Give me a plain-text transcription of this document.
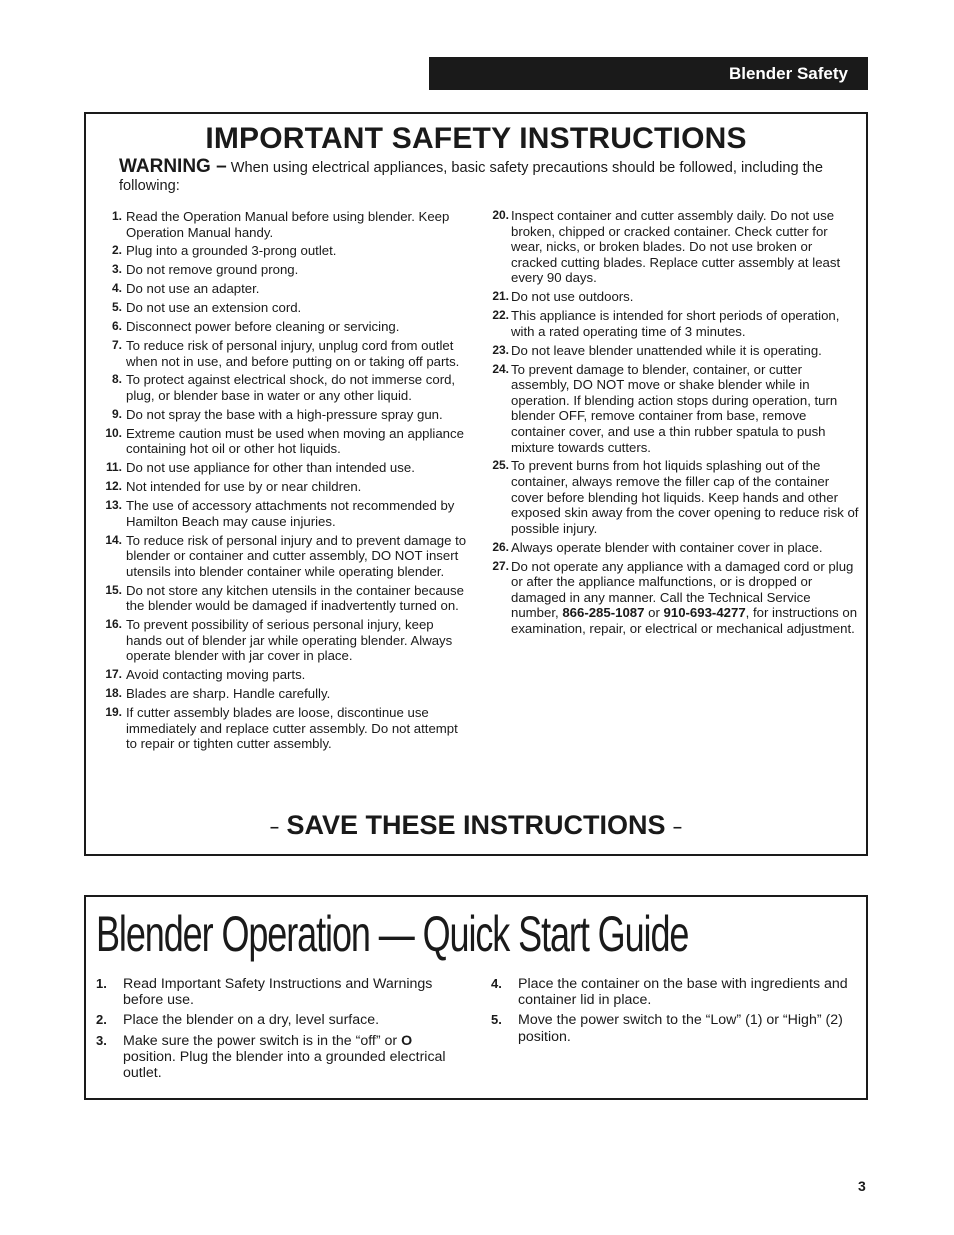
Blender Safety
IMPORTANT SAFETY INSTRUCTIONS
WARNING – When using electrical appliances, basic safety precautions should be followed, including the following:
1. Read the Operation Manual before using blender. Keep Operation Manual handy.
2. Plug into a grounded 3-prong outlet.
3. Do not remove ground prong.
4. Do not use an adapter.
5. Do not use an extension cord.
6. Disconnect power before cleaning or servicing.
7. To reduce risk of personal injury, unplug cord from outlet when not in use, and before putting on or taking off parts.
8. To protect against electrical shock, do not immerse cord, plug, or blender base in water or any other liquid.
9. Do not spray the base with a high-pressure spray gun.
10. Extreme caution must be used when moving an appliance containing hot oil or other hot liquids.
11. Do not use appliance for other than intended use.
12. Not intended for use by or near children.
13. The use of accessory attachments not recommended by Hamilton Beach may cause injuries.
14. To reduce risk of personal injury and to prevent damage to blender or container and cutter assembly, DO NOT insert utensils into blender container while operating blender.
15. Do not store any kitchen utensils in the container because the blender would be damaged if inadvertently turned on.
16. To prevent possibility of serious personal injury, keep hands out of blender jar while operating blender. Always operate blender with jar cover in place.
17. Avoid contacting moving parts.
18. Blades are sharp. Handle carefully.
19. If cutter assembly blades are loose, discontinue use immediately and replace cutter assembly. Do not attempt to repair or tighten cutter assembly.
20. Inspect container and cutter assembly daily. Do not use broken, chipped or cracked container. Check cutter for wear, nicks, or broken blades. Do not use broken or cracked cutting blades. Replace cutter assembly at least every 90 days.
21. Do not use outdoors.
22. This appliance is intended for short periods of operation, with a rated operating time of 3 minutes.
23. Do not leave blender unattended while it is operating.
24. To prevent damage to blender, container, or cutter assembly, DO NOT move or shake blender while in operation. If blending action stops during operation, turn blender OFF, remove container from base, remove container cover, and use a thin rubber spatula to push mixture towards cutters.
25. To prevent burns from hot liquids splashing out of the container, always remove the filler cap of the container cover before blending hot liquids. Keep hands and other exposed skin away from the cover opening to reduce risk of possible injury.
26. Always operate blender with container cover in place.
27. Do not operate any appliance with a damaged cord or plug or after the appliance malfunctions, or is dropped or damaged in any manner. Call the Technical Service number, 866-285-1087 or 910-693-4277, for instructions on examination, repair, or electrical or mechanical adjustment.
– SAVE THESE INSTRUCTIONS –
Blender Operation — Quick Start Guide
1.	Read Important Safety Instructions and Warnings before use.
2.	Place the blender on a dry, level surface.
3.	Make sure the power switch is in the “off” or O position. Plug the blender into a grounded electrical outlet.
4.	Place the container on the base with ingredients and container lid in place.
5.	Move the power switch to the “Low” (1) or “High” (2) position.
3
